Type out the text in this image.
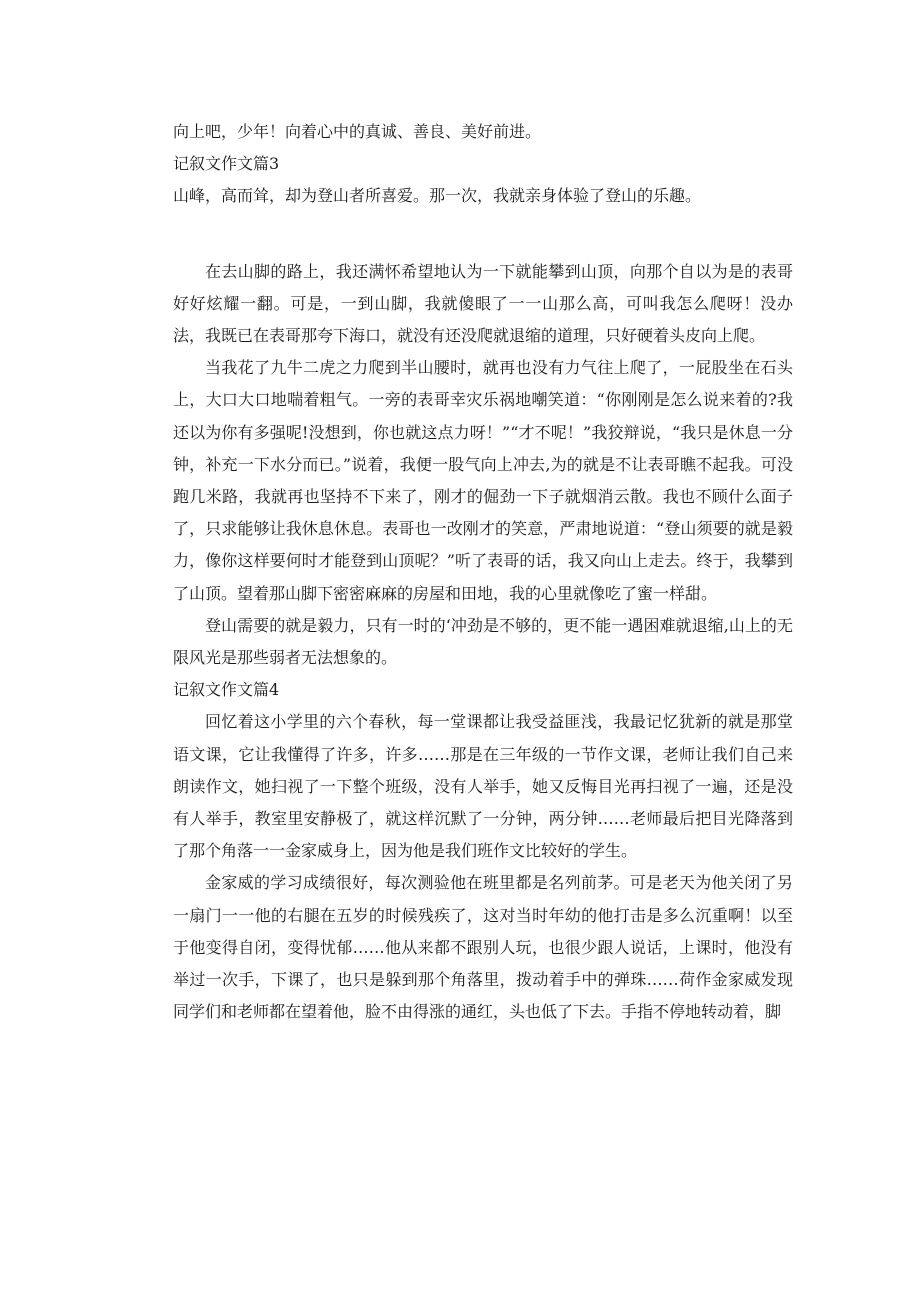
向上吧，少年！向着心中的真诚、善良、美好前进。

记叙文作文篇3

山峰，高而耸，却为登山者所喜爱。那一次，我就亲身体验了登山的乐趣。

在去山脚的路上，我还满怀希望地认为一下就能攀到山顶，向那个自以为是的表哥好好炫耀一翻。可是，一到山脚，我就傻眼了一一山那么高，可叫我怎么爬呀！没办法，我既已在表哥那夸下海口，就没有还没爬就退缩的道理，只好硬着头皮向上爬。

当我花了九牛二虎之力爬到半山腰时，就再也没有力气往上爬了，一屁股坐在石头上，大口大口地喘着粗气。一旁的表哥幸灾乐祸地嘲笑道：“你刚刚是怎么说来着的?我还以为你有多强呢!没想到，你也就这点力呀！”“才不呢！”我狡辩说，“我只是休息一分钟，补充一下水分而已。”说着，我便一股气向上冲去,为的就是不让表哥瞧不起我。可没跑几米路，我就再也坚持不下来了，刚才的倔劲一下子就烟消云散。我也不顾什么面子了，只求能够让我休息休息。表哥也一改刚才的笑意，严肃地说道：“登山须要的就是毅力，像你这样要何时才能登到山顶呢？”听了表哥的话，我又向山上走去。终于，我攀到了山顶。望着那山脚下密密麻麻的房屋和田地，我的心里就像吃了蜜一样甜。

登山需要的就是毅力，只有一时的‘冲劲是不够的，更不能一遇困难就退缩,山上的无限风光是那些弱者无法想象的。

记叙文作文篇4

回忆着这小学里的六个春秋，每一堂课都让我受益匪浅，我最记忆犹新的就是那堂语文课，它让我懂得了许多，许多……那是在三年级的一节作文课，老师让我们自己来朗读作文，她扫视了一下整个班级，没有人举手，她又反悔目光再扫视了一遍，还是没有人举手，教室里安静极了，就这样沉默了一分钟，两分钟……老师最后把目光降落到了那个角落一一金家威身上，因为他是我们班作文比较好的学生。

金家威的学习成绩很好，每次测验他在班里都是名列前茅。可是老天为他关闭了另一扇门一一他的右腿在五岁的时候残疾了，这对当时年幼的他打击是多么沉重啊！以至于他变得自闭，变得忧郁……他从来都不跟别人玩，也很少跟人说话，上课时，他没有举过一次手，下课了，也只是躲到那个角落里，拨动着手中的弹珠……荷作金家威发现同学们和老师都在望着他，脸不由得涨的通红，头也低了下去。手指不停地转动着，脚
